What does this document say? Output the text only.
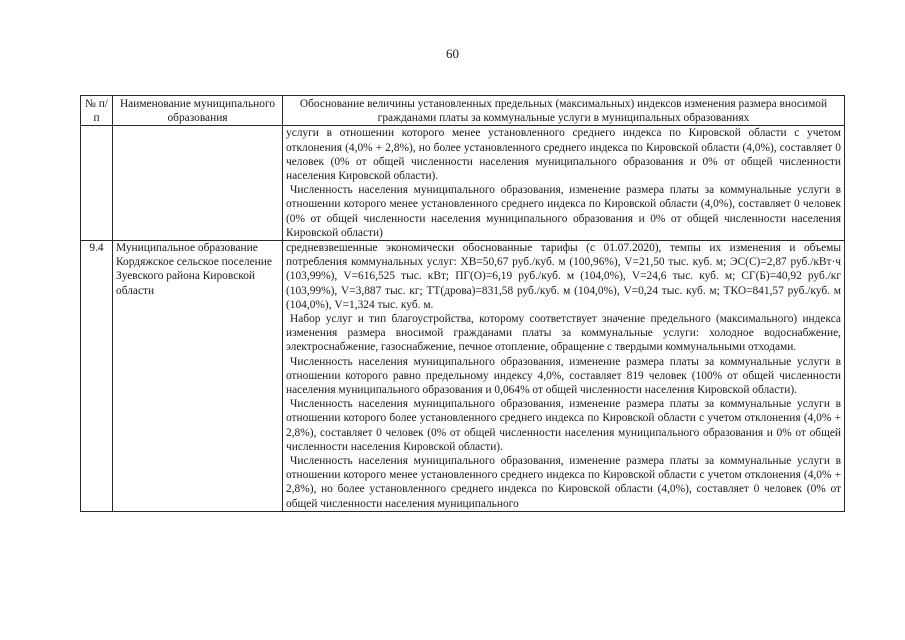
60
№ п/п	Наименование муниципального образования	Обоснование величины установленных предельных (максимальных) индексов изменения размера вносимой гражданами платы за коммунальные услуги в муниципальных образованиях

		услуги в отношении которого менее установленного среднего индекса по Кировской области с учетом отклонения (4,0% + 2,8%), но более установленного среднего индекса по Кировской области (4,0%), составляет 0 человек (0% от общей численности населения муниципального образования и 0% от общей численности населения Кировской области).

Численность населения муниципального образования, изменение размера платы за коммунальные услуги в отношении которого менее установленного среднего индекса по Кировской области (4,0%), составляет 0 человек (0% от общей численности населения муниципального образования и 0% от общей численности населения Кировской области)

9.4	Муниципальное образование Кордяжское сельское поселение Зуевского района Кировской области	средневзвешенные экономически обоснованные тарифы (с 01.07.2020), темпы их изменения и объемы потребления коммунальных услуг: ХВ=50,67 руб./куб. м (100,96%), V=21,50 тыс. куб. м; ЭС(С)=2,87 руб./кВт·ч (103,99%), V=616,525 тыс. кВт; ПГ(О)=6,19 руб./куб. м (104,0%), V=24,6 тыс. куб. м; СГ(Б)=40,92 руб./кг (103,99%), V=3,887 тыс. кг; ТТ(дрова)=831,58 руб./куб. м (104,0%), V=0,24 тыс. куб. м; ТКО=841,57 руб./куб. м (104,0%), V=1,324 тыс. куб. м.

Набор услуг и тип благоустройства, которому соответствует значение предельного (максимального) индекса изменения размера вносимой гражданами платы за коммунальные услуги: холодное водоснабжение, электроснабжение, газоснабжение, печное отопление, обращение с твердыми коммунальными отходами.

Численность населения муниципального образования, изменение размера платы за коммунальные услуги в отношении которого равно предельному индексу 4,0%, составляет 819 человек (100% от общей численности населения муниципального образования и 0,064% от общей численности населения Кировской области).

Численность населения муниципального образования, изменение размера платы за коммунальные услуги в отношении которого более установленного среднего индекса по Кировской области с учетом отклонения (4,0% + 2,8%), составляет 0 человек (0% от общей численности населения муниципального образования и 0% от общей численности населения Кировской области).

Численность населения муниципального образования, изменение размера платы за коммунальные услуги в отношении которого менее установленного среднего индекса по Кировской области с учетом отклонения (4,0% + 2,8%), но более установленного среднего индекса по Кировской области (4,0%), составляет 0 человек (0% от общей численности населения муниципального
